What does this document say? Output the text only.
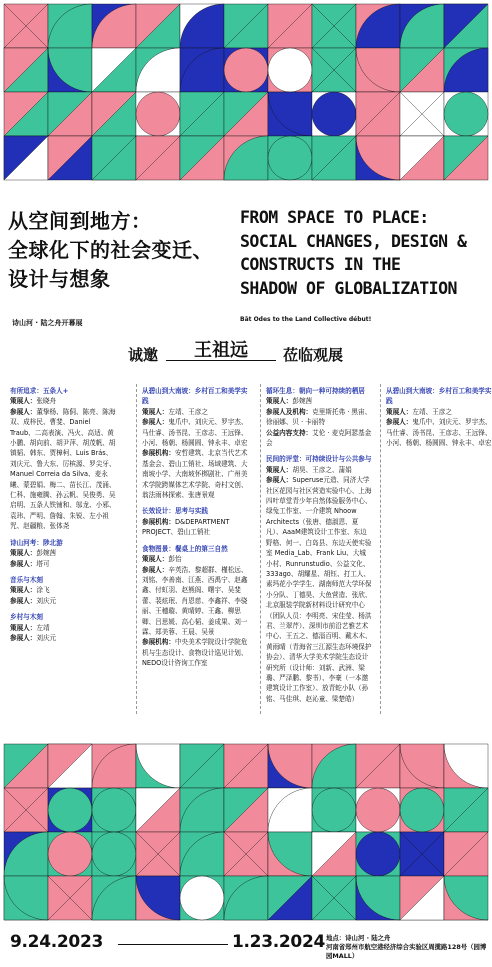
从空间到地方：
全球化下的社会变迁、
设计与想象
诗山河 · 陆之舟开幕展
FROM SPACE TO PLACE:
SOCIAL CHANGES, DESIGN &
CONSTRUCTS IN THE
SHADOW OF GLOBALIZATION
Bāt Odes to the Land Collective début!
诚邀	王祖远	莅临观展
有所追求：五条人+
策展人：张晓舟
参展人：董挚杨、陈侗、陈亮、陈海双、成梓民、曹斐、Daniel Traub、二高表演、冯火、高适、黄小鹏、胡向前、胡尹萍、胡茂帆、胡镇韬、韩东、贾樟柯、Luis Brás、刘庆元、鲁大东、厉槟源、罗尖牙、Manuel Correia da Silva、麦永曦、蒙碧娟、梅二、苗长江、茂涌、仁科、施雍腾、孙云帆、吴俊勇、吴启明、五条人铁铺和、邬龙、小邪、袁玮、严明、詹翰、朱锐、左小祖咒、赵疆粮、张体尧
诗山河考：陟北游
策展人：彭婉茜
参展人：塔可
音乐与木刻
策展人：涂飞
参展人：刘庆元
乡村与木刻
策展人：左靖
参展人：刘庆元
从碧山到大南坡：乡村百工和美学实践
策展人：左靖、王彦之
参展人：鬼爪中、刘庆元、罗宇杰、马仕睿、汤书昆、王彦志、王远锋、小河、杨朝、杨圆圆、钟永丰、卓宏
参展机构：安哲建筑、北京当代艺术基金会、碧山工销社、场域建筑、大南坡小学、大南坡怀梆剧社、广州美术学院跨媒体艺术学院、奇村文创、翁法雨林探索、张唐景观
长效设计：思考与实践
参展机构：D&DEPARTMENT PROJECT、碧山工销社
食物图景：餐桌上的第三自然
策展人：彭怡
参展人：辛英浩、黎超群、槿松远、刘铭、李善南、江燕、西禹宁、赵鑫鑫、付虹羽、赵熊阁、曙宇、吴斐蕾、裴炫珉、肖恩慈、李鑫祥、李骁丽、王穗璇、黄晴婷、王鑫、柳思卿、吕思媛、高心韬、姜成果、刘一霖、郑美蓉、王晨、吴景
参展机构：中央美术学院设计学院危机与生态设计、食物设计巡见计划、NEDO设计咨询工作室
循环生息：朝向一种可持续的栖居
策展人：彭婉茜
参展人及机构：克里斯托弗 · 黑宙、徐丽娜、贝 · 卡丽特
公益内容支持：艾伦 · 麦克阿瑟基金会
民间的评堂：可持续设计与公共参与
策展人：胡昊、王彦之、蒲娟
参展人：Superuse元造、同济大学社区花园与社区营造实验中心、上海四叶草堂青少年自然体验服务中心、绿兔工作室、一介建筑 Nhoow Architects（张唐、德淑恩、夏凡）、AaaM建筑设计工作室、东边野格、何一、白岛县、东边天使实验室 Media_Lab、Frank Liu、大城小村、Runrunstudio、公益文化、333ago、胡耀星、胡钰、打工人、素玛花小学学生、湖南师范大学环保小分队、丁德昊、大鱼营造、张欣、北京服装学院新材料设计研究中心（团队人员：李明亮、宋佳莹、杨洪君、兰翠芹）、深圳市前沿艺雅艺术中心、王五之、德淄百明、戴木木、黄雨晴（青海省三江源生态环境保护协会）、清华大学美术学院生态设计研究所（设计师：刘新、武洲、梁璐、严泽鹏、黎书）、李豪（一本邀建筑设计工作室）、放青蛇小队（孙铭、马佳琪、赵沁童、梁楚皓）
从碧山到大南坡：乡村百工和美学实践
策展人：左靖、王彦之
参展人：鬼爪中、刘庆元、罗宇杰、马仕睿、汤书昆、王彦志、王远锋、小河、杨朝、杨圆圆、钟永丰、卓宏
9.24.2023	1.23.2024 地点：诗山河 · 陆之舟
河南省郑州市航空港经济综合实验区周揽路128号（园博园MALL）
